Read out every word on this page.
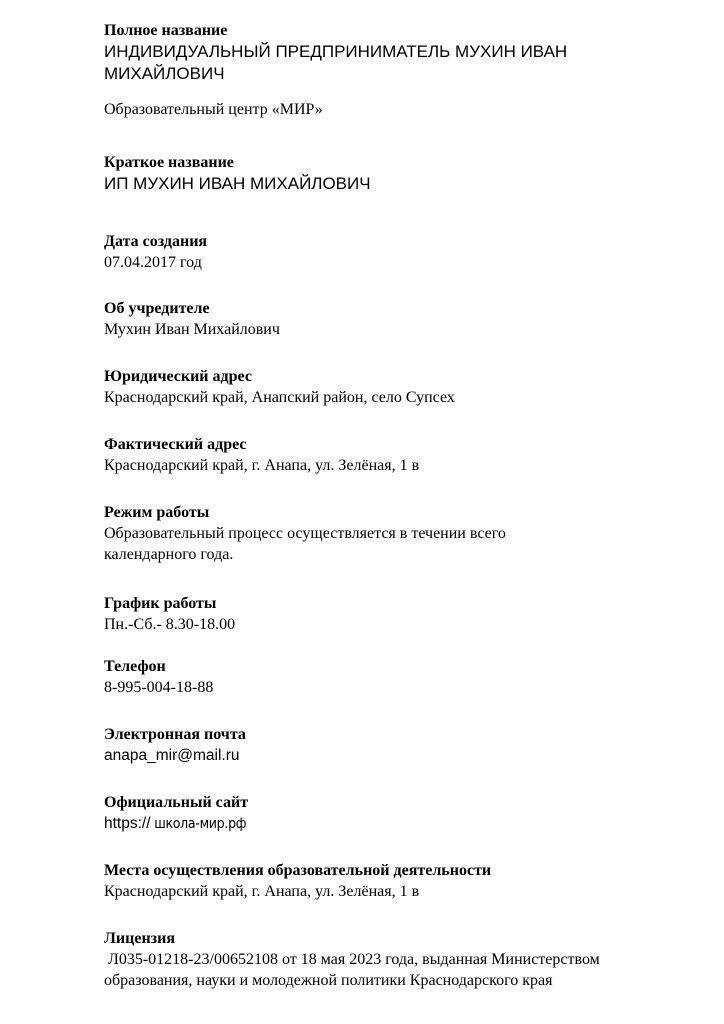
Полное название
ИНДИВИДУАЛЬНЫЙ ПРЕДПРИНИМАТЕЛЬ МУХИН ИВАН
МИХАЙЛОВИЧ
Образовательный центр «МИР»
Краткое название
ИП МУХИН ИВАН МИХАЙЛОВИЧ
Дата создания
07.04.2017 год
Об учредителе
Мухин Иван Михайлович
Юридический адрес
Краснодарский край, Анапский район, село Супсех
Фактический адрес
Краснодарский край, г. Анапа, ул. Зелёная, 1 в
Режим работы
Образовательный процесс осуществляется в течении всего
календарного года.
График работы
Пн.-Сб.- 8.30-18.00
Телефон
8-995-004-18-88
Электронная почта
anapa_mir@mail.ru
Официальный сайт
https:// школа-мир.рф
Места осуществления образовательной деятельности
Краснодарский край, г. Анапа, ул. Зелёная, 1 в
Лицензия
Л035-01218-23/00652108 от 18 мая 2023 года, выданная Министерством
образования, науки и молодежной политики Краснодарского края
